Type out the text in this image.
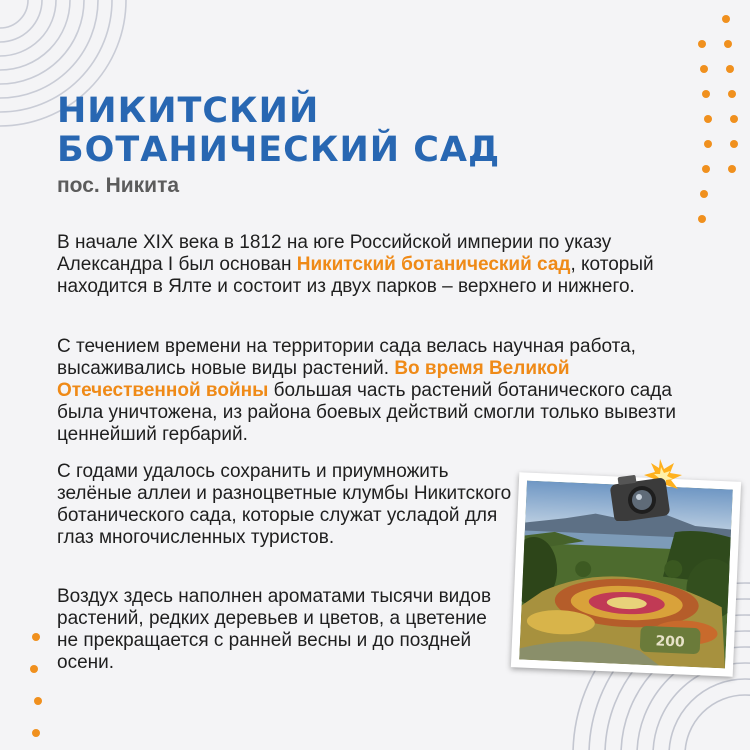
НИКИТСКИЙ
БОТАНИЧЕСКИЙ САД

пос. Никита

В начале XIX века в 1812 на юге Российской империи по указу Александра I был основан Никитский ботанический сад, который находится в Ялте и состоит из двух парков – верхнего и нижнего.

С течением времени на территории сада велась научная работа, высаживались новые виды растений. Во время Великой Отечественной войны большая часть растений ботанического сада была уничтожена, из района боевых действий смогли только вывезти ценнейший гербарий.

С годами удалось сохранить и приумножить зелёные аллеи и разноцветные клумбы Никитского ботанического сада, которые служат усладой для глаз многочисленных туристов.

Воздух здесь наполнен ароматами тысячи видов растений, редких деревьев и цветов, а цветение не прекращается с ранней весны и до поздней осени.

200
